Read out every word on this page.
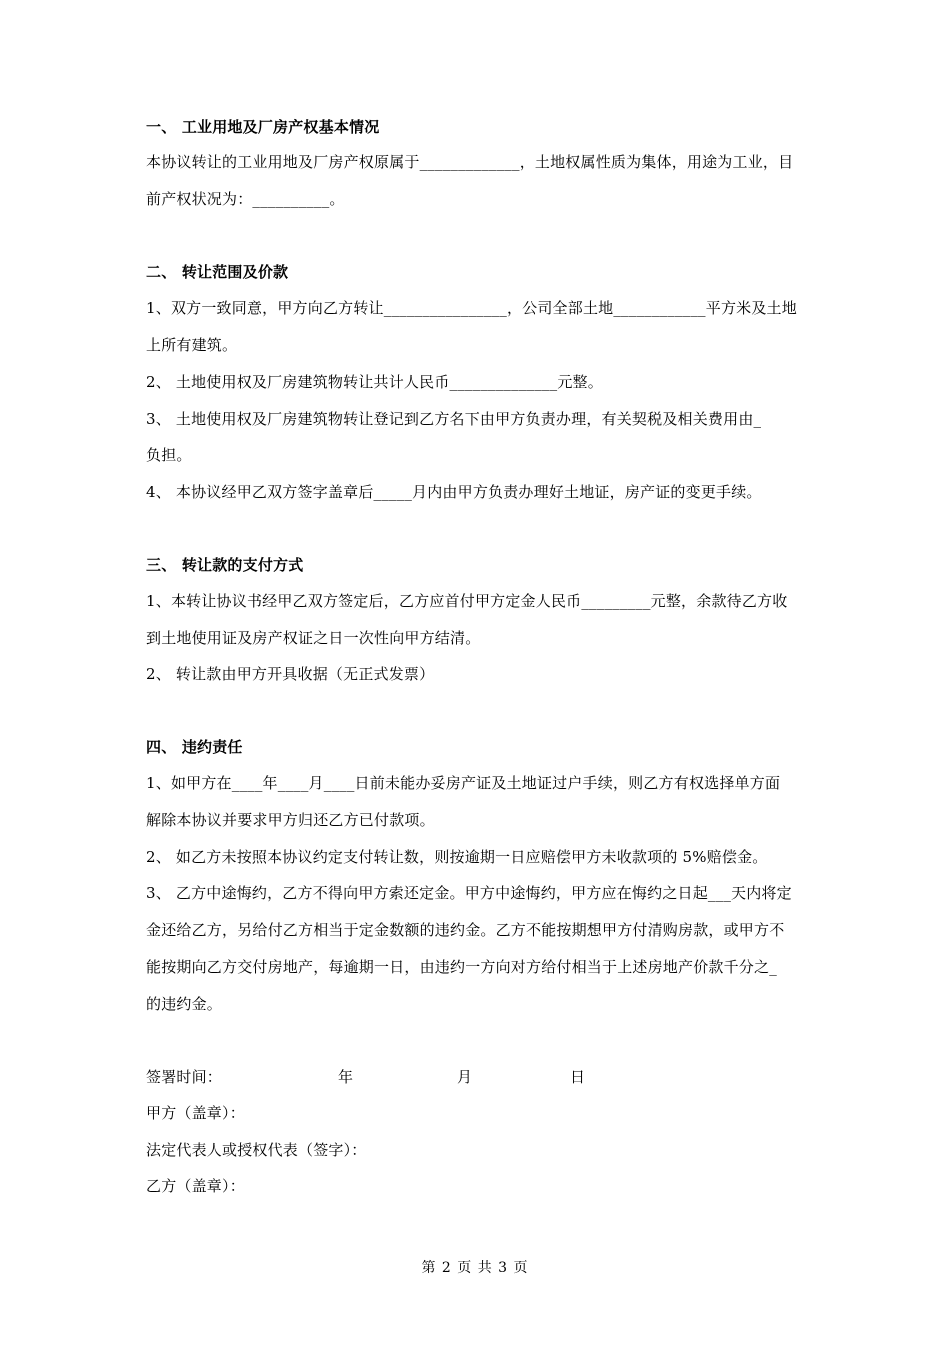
一、 工业用地及厂房产权基本情况
本协议转让的工业用地及厂房产权原属于_____________，土地权属性质为集体，用途为工业，目
前产权状况为：__________。
二、 转让范围及价款
1、双方一致同意，甲方向乙方转让________________，公司全部土地____________平方米及土地
上所有建筑。
2、 土地使用权及厂房建筑物转让共计人民币______________元整。
3、 土地使用权及厂房建筑物转让登记到乙方名下由甲方负责办理，有关契税及相关费用由_
负担。
4、 本协议经甲乙双方签字盖章后_____月内由甲方负责办理好土地证，房产证的变更手续。
三、 转让款的支付方式
1、本转让协议书经甲乙双方签定后，乙方应首付甲方定金人民币_________元整，余款待乙方收
到土地使用证及房产权证之日一次性向甲方结清。
2、 转让款由甲方开具收据（无正式发票）
四、 违约责任
1、如甲方在____年____月____日前未能办妥房产证及土地证过户手续，则乙方有权选择单方面
解除本协议并要求甲方归还乙方已付款项。
2、 如乙方未按照本协议约定支付转让数，则按逾期一日应赔偿甲方未收款项的 5%赔偿金。
3、 乙方中途悔约，乙方不得向甲方索还定金。甲方中途悔约，甲方应在悔约之日起___天内将定
金还给乙方，另给付乙方相当于定金数额的违约金。乙方不能按期想甲方付清购房款，或甲方不
能按期向乙方交付房地产，每逾期一日，由违约一方向对方给付相当于上述房地产价款千分之_
的违约金。
签署时间：	年	月	日
甲方（盖章）：
法定代表人或授权代表（签字）：
乙方（盖章）：
第 2 页 共 3 页
